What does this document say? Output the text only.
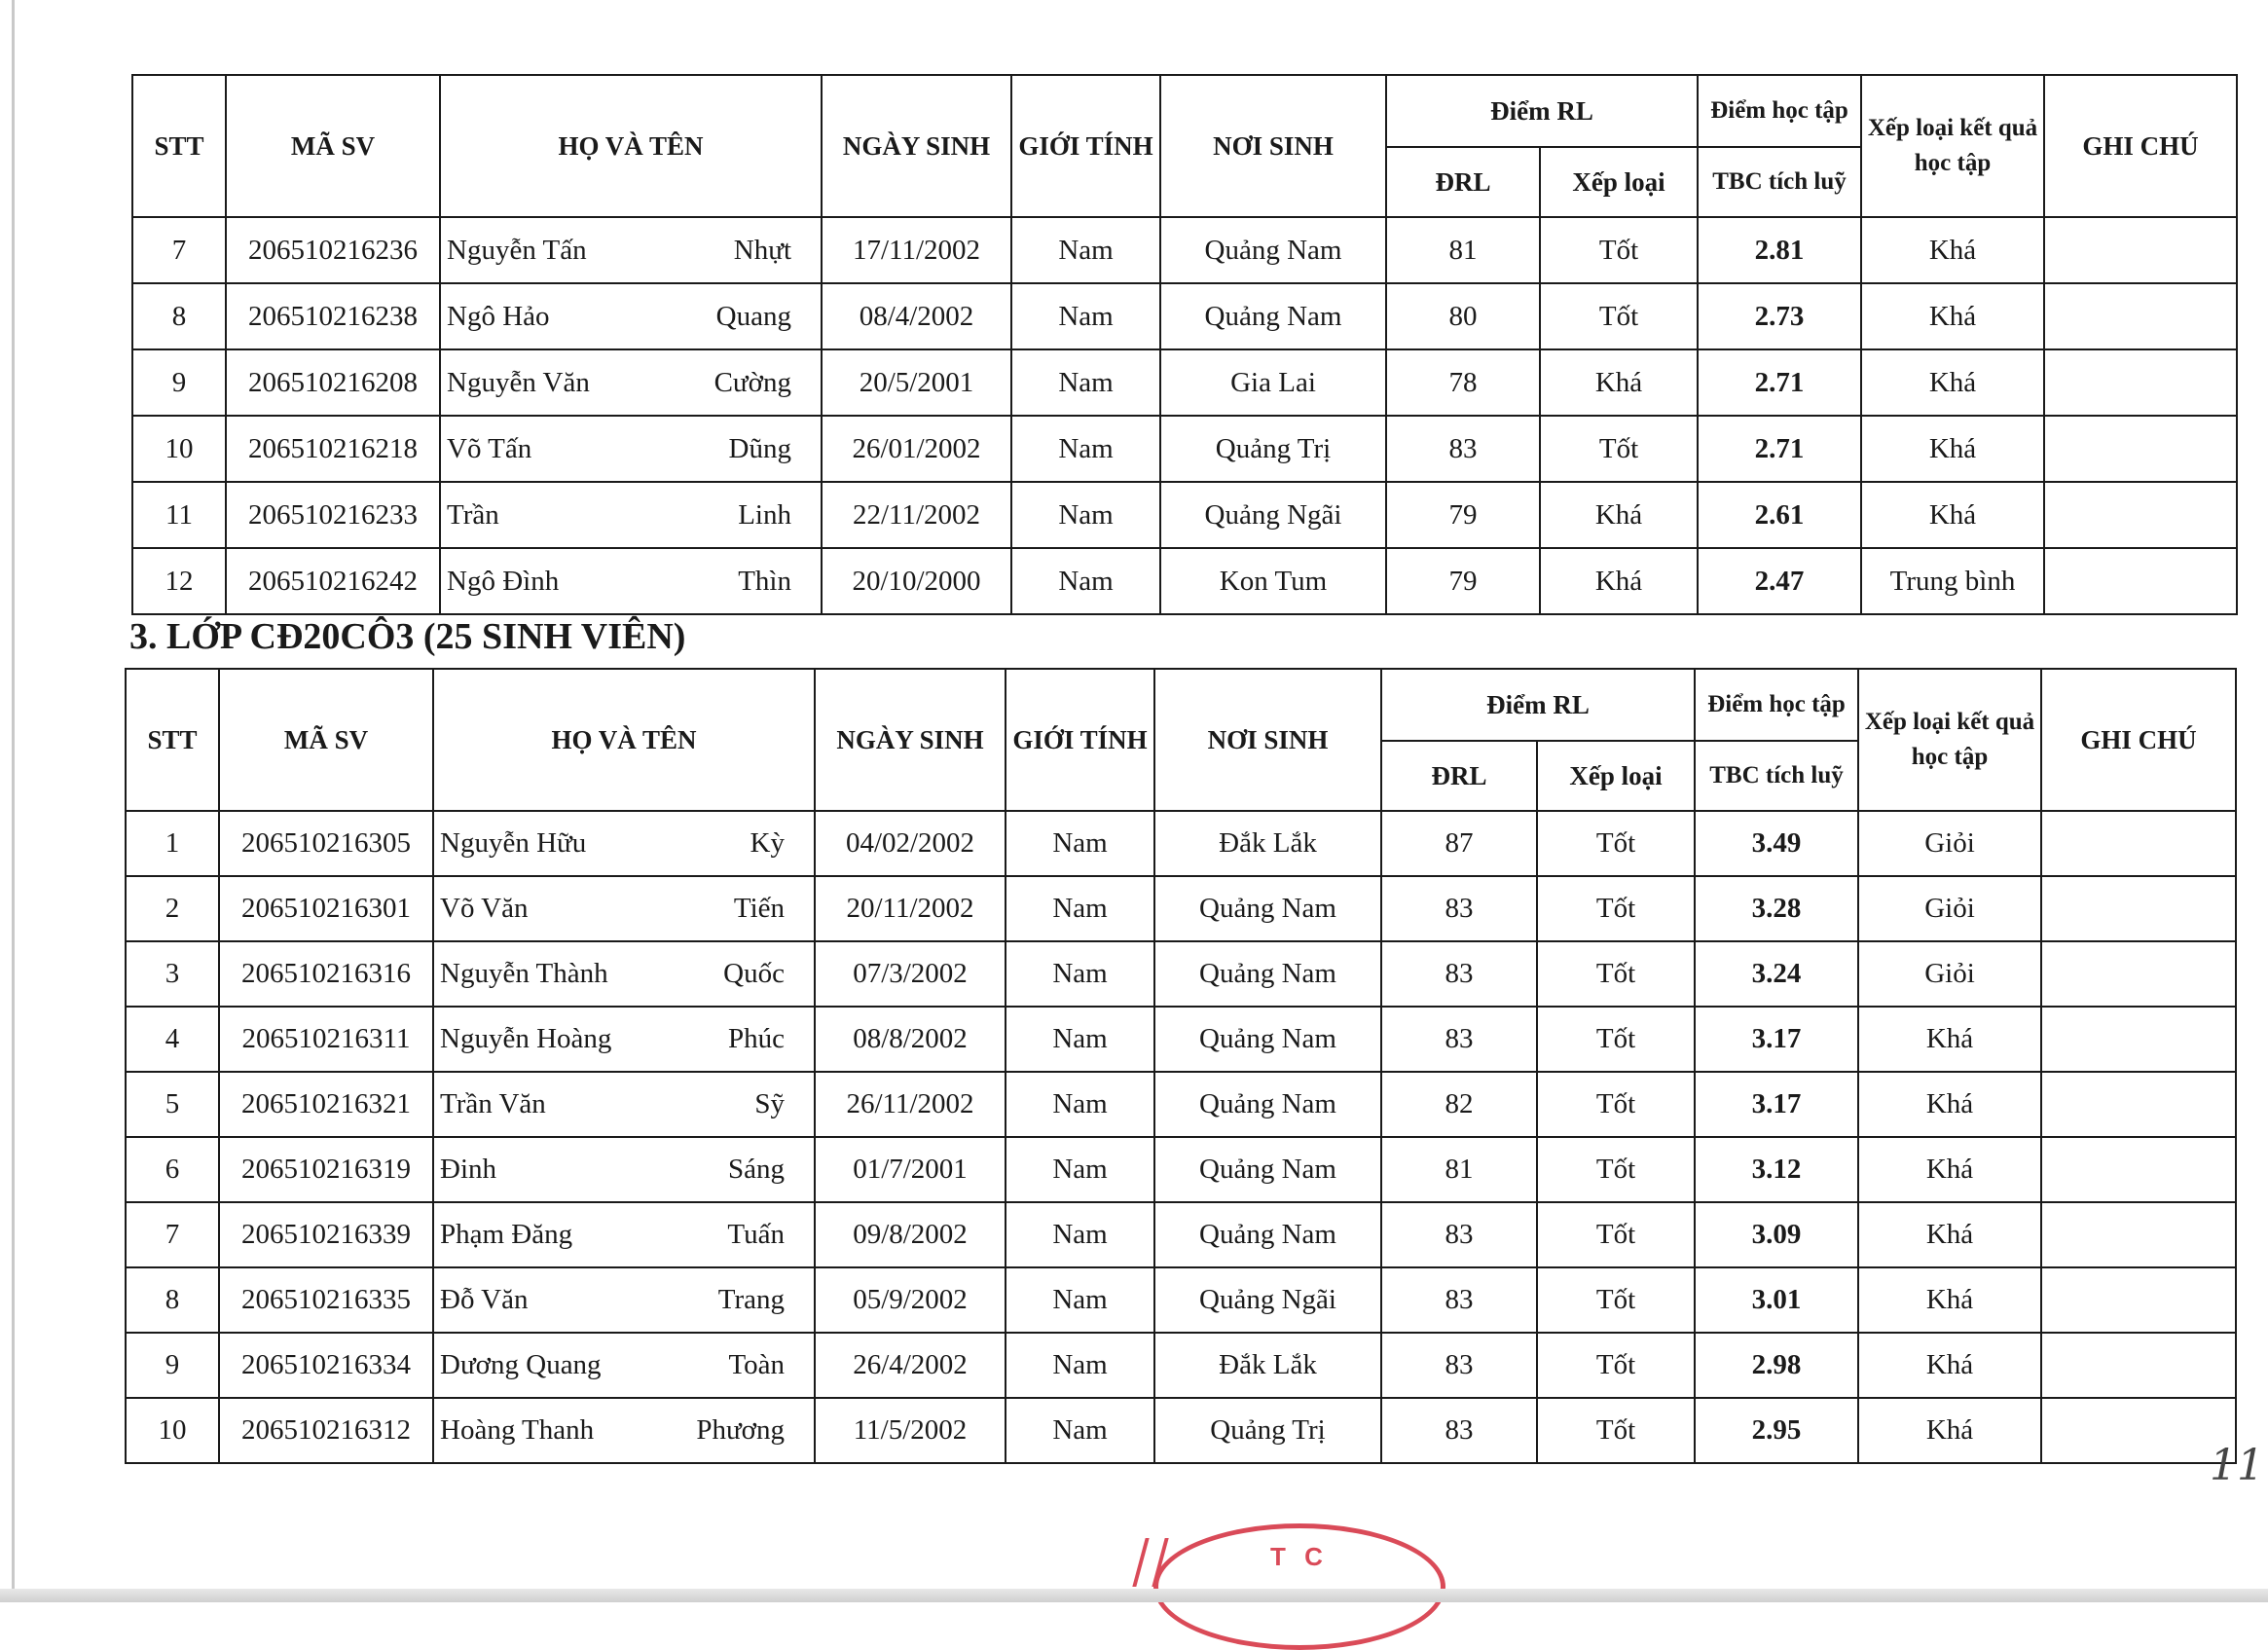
STT	MÃ SV	HỌ VÀ TÊN	NGÀY SINH	GIỚI TÍNH	NƠI SINH	Điểm RL		Điểm học tập	Xếp loại kết quả học tập	GHI CHÚ
						ĐRL	Xếp loại	TBC tích luỹ		
7	206510216236	Nguyễn Tấn Nhựt	17/11/2002	Nam	Quảng Nam	81	Tốt	2.81	Khá	
8	206510216238	Ngô Hảo Quang	08/4/2002	Nam	Quảng Nam	80	Tốt	2.73	Khá	
9	206510216208	Nguyễn Văn Cường	20/5/2001	Nam	Gia Lai	78	Khá	2.71	Khá	
10	206510216218	Võ Tấn Dũng	26/01/2002	Nam	Quảng Trị	83	Tốt	2.71	Khá	
11	206510216233	Trần Linh	22/11/2002	Nam	Quảng Ngãi	79	Khá	2.61	Khá	
12	206510216242	Ngô Đình Thìn	20/10/2000	Nam	Kon Tum	79	Khá	2.47	Trung bình	
3. LỚP CĐ20CÔ3 (25 SINH VIÊN)
STT	MÃ SV	HỌ VÀ TÊN	NGÀY SINH	GIỚI TÍNH	NƠI SINH	Điểm RL		Điểm học tập	Xếp loại kết quả học tập	GHI CHÚ
						ĐRL	Xếp loại	TBC tích luỹ		
1	206510216305	Nguyễn Hữu Kỳ	04/02/2002	Nam	Đắk Lắk	87	Tốt	3.49	Giỏi	
2	206510216301	Võ Văn Tiến	20/11/2002	Nam	Quảng Nam	83	Tốt	3.28	Giỏi	
3	206510216316	Nguyễn Thành Quốc	07/3/2002	Nam	Quảng Nam	83	Tốt	3.24	Giỏi	
4	206510216311	Nguyễn Hoàng Phúc	08/8/2002	Nam	Quảng Nam	83	Tốt	3.17	Khá	
5	206510216321	Trần Văn Sỹ	26/11/2002	Nam	Quảng Nam	82	Tốt	3.17	Khá	
6	206510216319	Đinh Sáng	01/7/2001	Nam	Quảng Nam	81	Tốt	3.12	Khá	
7	206510216339	Phạm Đăng Tuấn	09/8/2002	Nam	Quảng Nam	83	Tốt	3.09	Khá	
8	206510216335	Đỗ Văn Trang	05/9/2002	Nam	Quảng Ngãi	83	Tốt	3.01	Khá	
9	206510216334	Dương Quang Toàn	26/4/2002	Nam	Đắk Lắk	83	Tốt	2.98	Khá	
10	206510216312	Hoàng Thanh Phương	11/5/2002	Nam	Quảng Trị	83	Tốt	2.95	Khá	
11
T C
